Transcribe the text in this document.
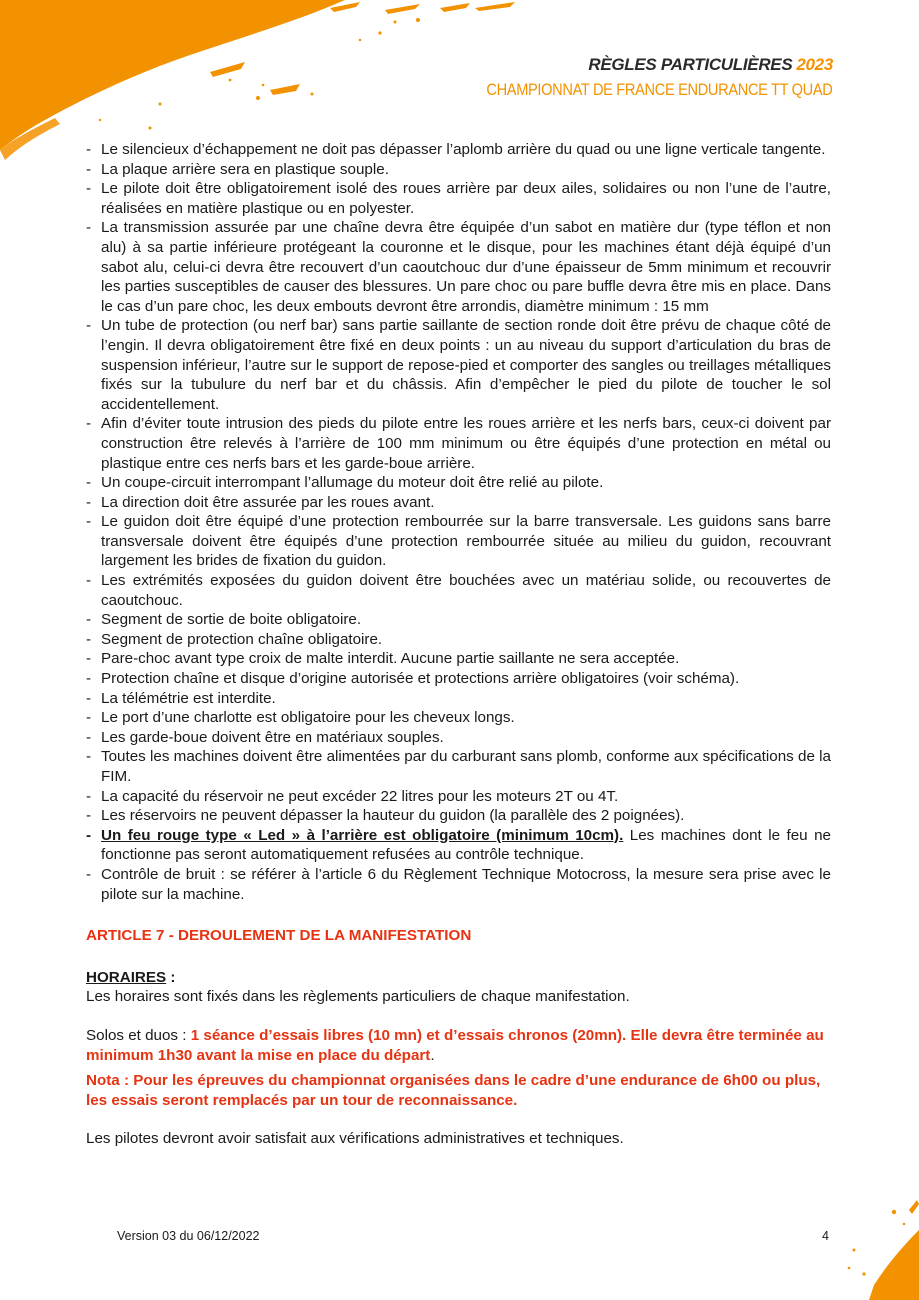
RÈGLES PARTICULIÈRES 2023
CHAMPIONNAT DE FRANCE ENDURANCE TT QUAD
- Le silencieux d’échappement ne doit pas dépasser l’aplomb arrière du quad ou une ligne verticale tangente.
- La plaque arrière sera en plastique souple.
- Le pilote doit être obligatoirement isolé des roues arrière par deux ailes, solidaires ou non l’une de l’autre, réalisées en matière plastique ou en polyester.
- La transmission assurée par une chaîne devra être équipée d’un sabot en matière dur (type téflon et non alu) à sa partie inférieure protégeant la couronne et le disque, pour les machines étant déjà équipé d’un sabot alu, celui-ci devra être recouvert d’un caoutchouc dur d’une épaisseur de 5mm minimum et recouvrir les parties susceptibles de causer des blessures. Un pare choc ou pare buffle devra être mis en place. Dans le cas d’un pare choc, les deux embouts devront être arrondis, diamètre minimum : 15 mm
- Un tube de protection (ou nerf bar) sans partie saillante de section ronde doit être prévu de chaque côté de l’engin. Il devra obligatoirement être fixé en deux points : un au niveau du support d’articulation du bras de suspension inférieur, l’autre sur le support de repose-pied et comporter des sangles ou treillages métalliques fixés sur la tubulure du nerf bar et du châssis. Afin d’empêcher le pied du pilote de toucher le sol accidentellement.
- Afin d’éviter toute intrusion des pieds du pilote entre les roues arrière et les nerfs bars, ceux-ci doivent par construction être relevés à l’arrière de 100 mm minimum ou être équipés d’une protection en métal ou plastique entre ces nerfs bars et les garde-boue arrière.
- Un coupe-circuit interrompant l’allumage du moteur doit être relié au pilote.
- La direction doit être assurée par les roues avant.
- Le guidon doit être équipé d’une protection rembourrée sur la barre transversale. Les guidons sans barre transversale doivent être équipés d’une protection rembourrée située au milieu du guidon, recouvrant largement les brides de fixation du guidon.
- Les extrémités exposées du guidon doivent être bouchées avec un matériau solide, ou recouvertes de caoutchouc.
- Segment de sortie de boite obligatoire.
- Segment de protection chaîne obligatoire.
- Pare-choc avant type croix de malte interdit. Aucune partie saillante ne sera acceptée.
- Protection chaîne et disque d’origine autorisée et protections arrière obligatoires (voir schéma).
- La télémétrie est interdite.
- Le port d’une charlotte est obligatoire pour les cheveux longs.
- Les garde-boue doivent être en matériaux souples.
- Toutes les machines doivent être alimentées par du carburant sans plomb, conforme aux spécifications de la FIM.
- La capacité du réservoir ne peut excéder 22 litres pour les moteurs 2T ou 4T.
- Les réservoirs ne peuvent dépasser la hauteur du guidon (la parallèle des 2 poignées).
- Un feu rouge type « Led » à l’arrière est obligatoire (minimum 10cm). Les machines dont le feu ne fonctionne pas seront automatiquement refusées au contrôle technique.
- Contrôle de bruit : se référer à l’article 6 du Règlement Technique Motocross, la mesure sera prise avec le pilote sur la machine.
ARTICLE 7 - DEROULEMENT DE LA MANIFESTATION
HORAIRES :

Les horaires sont fixés dans les règlements particuliers de chaque manifestation.

Solos et duos : 1 séance d’essais libres (10 mn) et d’essais chronos (20mn). Elle devra être terminée au minimum 1h30 avant la mise en place du départ.

Nota : Pour les épreuves du championnat organisées dans le cadre d’une endurance de 6h00 ou plus, les essais seront remplacés par un tour de reconnaissance.

Les pilotes devront avoir satisfait aux vérifications administratives et techniques.

Version 03 du 06/12/2022	4
